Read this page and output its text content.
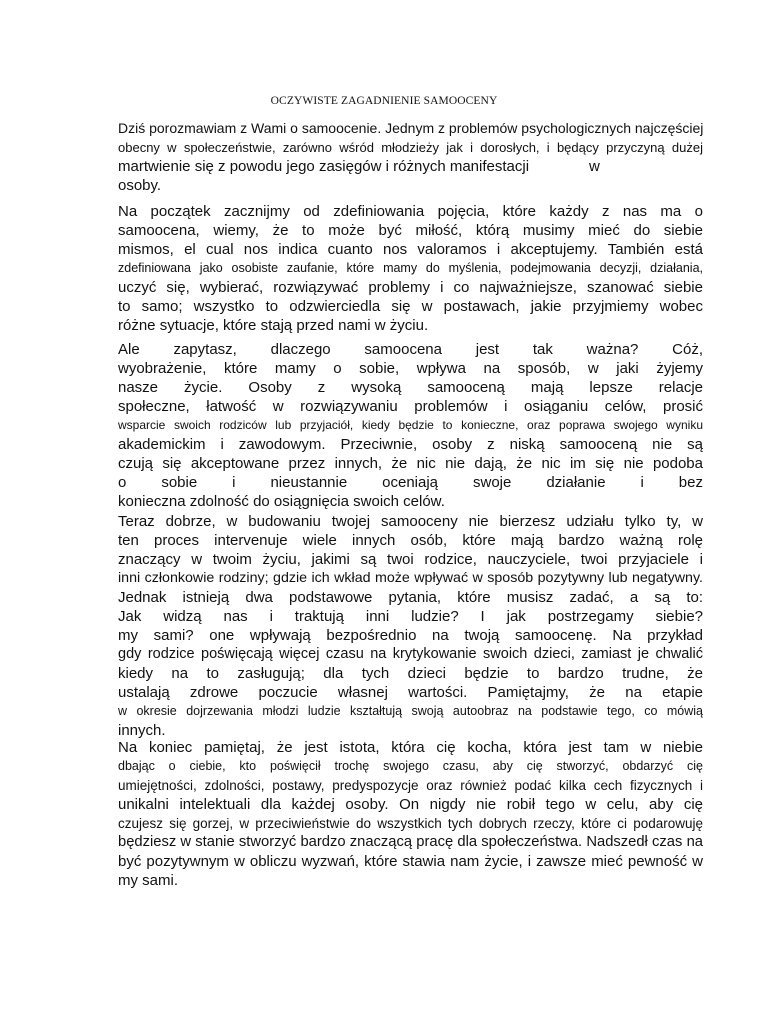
OCZYWISTE ZAGADNIENIE SAMOOCENY
Dziś porozmawiam z Wami o samoocenie. Jednym z problemów psychologicznych najczęściej
obecny w społeczeństwie, zarówno wśród młodzieży jak i dorosłych, i będący przyczyną dużej
martwienie się z powodu jego zasięgów i różnych manifestacji	w
osoby.
Na początek zacznijmy od zdefiniowania pojęcia, które każdy z nas ma o
samoocena, wiemy, że to może być miłość, którą musimy mieć do siebie
mismos, el cual nos indica cuanto nos valoramos i akceptujemy. También está
zdefiniowana jako osobiste zaufanie, które mamy do myślenia, podejmowania decyzji, działania,
uczyć się, wybierać, rozwiązywać problemy i co najważniejsze, szanować siebie
to samo; wszystko to odzwierciedla się w postawach, jakie przyjmiemy wobec
różne sytuacje, które stają przed nami w życiu.
Ale zapytasz, dlaczego samoocena jest tak ważna? Cóż,
wyobrażenie, które mamy o sobie, wpływa na sposób, w jaki żyjemy
nasze życie. Osoby z wysoką samooceną mają lepsze relacje
społeczne, łatwość w rozwiązywaniu problemów i osiąganiu celów, prosić
wsparcie swoich rodziców lub przyjaciół, kiedy będzie to konieczne, oraz poprawa swojego wyniku
akademickim i zawodowym. Przeciwnie, osoby z niską samooceną nie są
czują się akceptowane przez innych, że nic nie dają, że nic im się nie podoba
o sobie i nieustannie oceniają swoje działanie i bez
konieczna zdolność do osiągnięcia swoich celów.
Teraz dobrze, w budowaniu twojej samooceny nie bierzesz udziału tylko ty, w
ten proces intervenuje wiele innych osób, które mają bardzo ważną rolę
znaczący w twoim życiu, jakimi są twoi rodzice, nauczyciele, twoi przyjaciele i
inni członkowie rodziny; gdzie ich wkład może wpływać w sposób pozytywny lub negatywny.
Jednak istnieją dwa podstawowe pytania, które musisz zadać, a są to:
Jak widzą nas i traktują inni ludzie? I jak postrzegamy siebie?
my sami? one wpływają bezpośrednio na twoją samoocenę. Na przykład
gdy rodzice poświęcają więcej czasu na krytykowanie swoich dzieci, zamiast je chwalić
kiedy na to zasługują; dla tych dzieci będzie to bardzo trudne, że
ustalają zdrowe poczucie własnej wartości. Pamiętajmy, że na etapie
w okresie dojrzewania młodzi ludzie kształtują swoją autoobraz na podstawie tego, co mówią
innych.
Na koniec pamiętaj, że jest istota, która cię kocha, która jest tam w niebie
dbając o ciebie, kto poświęcił trochę swojego czasu, aby cię stworzyć, obdarzyć cię
umiejętności, zdolności, postawy, predyspozycje oraz również podać kilka cech fizycznych i
unikalni intelektuali dla każdej osoby. On nigdy nie robił tego w celu, aby cię
czujesz się gorzej, w przeciwieństwie do wszystkich tych dobrych rzeczy, które ci podarowuję
będziesz w stanie stworzyć bardzo znaczącą pracę dla społeczeństwa. Nadszedł czas na
być pozytywnym w obliczu wyzwań, które stawia nam życie, i zawsze mieć pewność w
my sami.
